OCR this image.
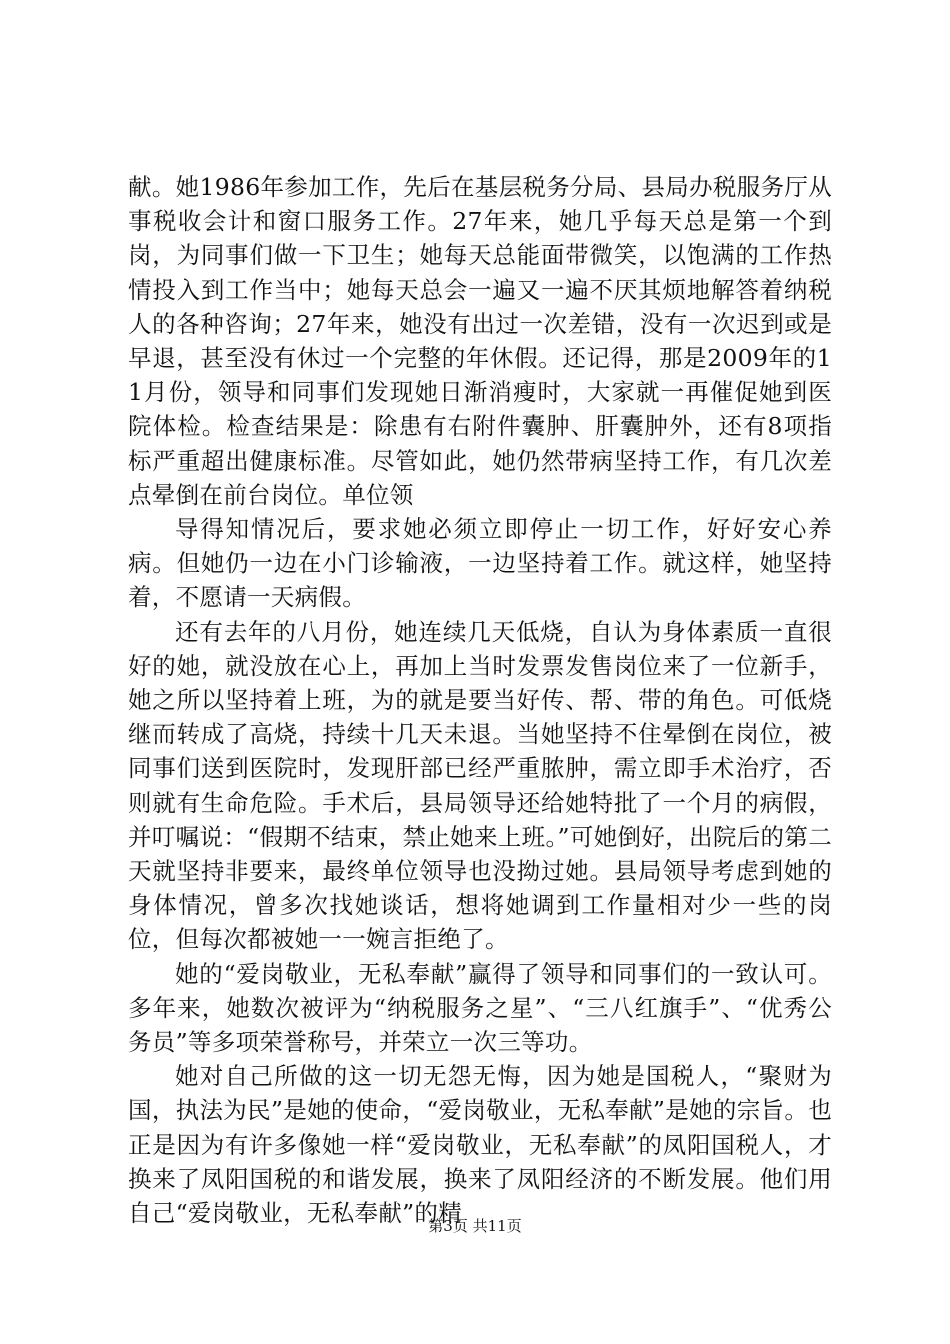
献。她1986年参加工作，先后在基层税务分局、县局办税服务厅从事税收会计和窗口服务工作。27年来，她几乎每天总是第一个到岗，为同事们做一下卫生；她每天总能面带微笑，以饱满的工作热情投入到工作当中；她每天总会一遍又一遍不厌其烦地解答着纳税人的各种咨询；27年来，她没有出过一次差错，没有一次迟到或是早退，甚至没有休过一个完整的年休假。还记得，那是2009年的11月份，领导和同事们发现她日渐消瘦时，大家就一再催促她到医院体检。检查结果是：除患有右附件囊肿、肝囊肿外，还有8项指标严重超出健康标准。尽管如此，她仍然带病坚持工作，有几次差点晕倒在前台岗位。单位领

导得知情况后，要求她必须立即停止一切工作，好好安心养病。但她仍一边在小门诊输液，一边坚持着工作。就这样，她坚持着，不愿请一天病假。

还有去年的八月份，她连续几天低烧，自认为身体素质一直很好的她，就没放在心上，再加上当时发票发售岗位来了一位新手，她之所以坚持着上班，为的就是要当好传、帮、带的角色。可低烧继而转成了高烧，持续十几天未退。当她坚持不住晕倒在岗位，被同事们送到医院时，发现肝部已经严重脓肿，需立即手术治疗，否则就有生命危险。手术后，县局领导还给她特批了一个月的病假，并叮嘱说：“假期不结束，禁止她来上班。”可她倒好，出院后的第二天就坚持非要来，最终单位领导也没拗过她。县局领导考虑到她的身体情况，曾多次找她谈话，想将她调到工作量相对少一些的岗位，但每次都被她一一婉言拒绝了。

她的“爱岗敬业，无私奉献”赢得了领导和同事们的一致认可。多年来，她数次被评为“纳税服务之星”、“三八红旗手”、“优秀公务员”等多项荣誉称号，并荣立一次三等功。

她对自己所做的这一切无怨无悔，因为她是国税人，“聚财为国，执法为民”是她的使命，“爱岗敬业，无私奉献”是她的宗旨。也正是因为有许多像她一样“爱岗敬业，无私奉献”的凤阳国税人，才换来了凤阳国税的和谐发展，换来了凤阳经济的不断发展。他们用自己“爱岗敬业，无私奉献”的精

第3页 共11页
